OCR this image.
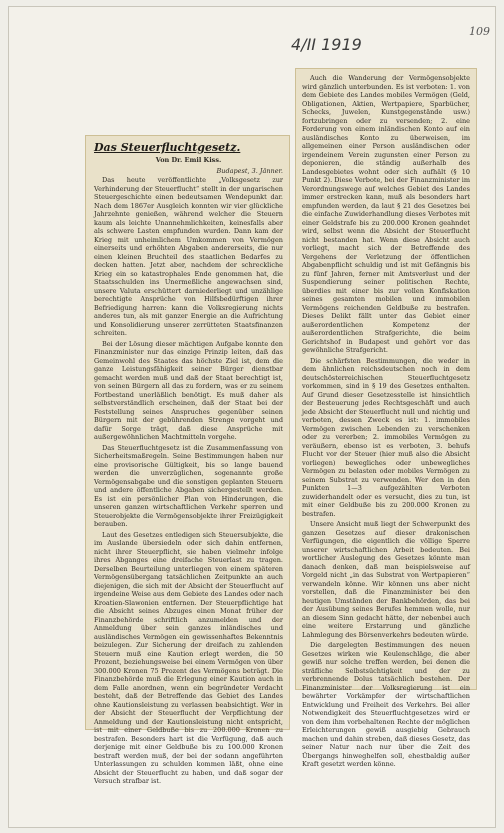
4/II 1919
109
Das Steuerfluchtgesetz.
Von Dr. Emil Kiss.
Budapest, 3. Jänner.

Das heute veröffentlichte „Volksgesetz zur Verhinderung der Steuerflucht“ stellt in der ungarischen Steuergeschichte einen bedeutsamen Wendepunkt dar. Nach dem 1867er Ausgleich konnten wir vier glückliche Jahrzehnte genießen, während welcher die Steuern kaum als leichte Unannehmlichkeiten, keinesfalls aber als schwere Lasten empfunden wurden. Dann kam der Krieg mit unheimlichem Umkommen von Vermögen einerseits und erhöhten Abgaben andererseits, die nur einen kleinen Bruchteil des staatlichen Bedarfes zu decken hatten. Jetzt aber, nachdem der schreckliche Krieg ein so katastrophales Ende genommen hat, die Staatsschulden ins Unermeßliche angewachsen sind, unsere Valuta erschüttert darniederliegt und unzählige berechtigte Ansprüche von Hilfsbedürftigen ihrer Befriedigung harren: kann die Volksregierung nichts anderes tun, als mit ganzer Energie an die Aufrichtung und Konsolidierung unserer zerrütteten Staatsfinanzen schreiten.

Bei der Lösung dieser mächtigen Aufgabe konnte den Finanzminister nur das einzige Prinzip leiten, daß das Gemeinwohl des Staates das höchste Ziel ist, dem die ganze Leistungsfähigkeit seiner Bürger dienstbar gemacht werden muß und daß der Staat berechtigt ist, von seinen Bürgern all das zu fordern, was er zu seinem Fortbestand unerläßlich benötigt. Es muß daher als selbstverständlich erscheinen, daß der Staat bei der Feststellung seines Anspruches gegenüber seinen Bürgern mit der gebührenden Strenge vorgeht und dafür Sorge trägt, daß diese Ansprüche mit außergewöhnlichen Machtmitteln vorgehe.

Das Steuerfluchtgesetz ist die Zusammenfassung von Sicherheitsmaßregeln. Seine Bestimmungen haben nur eine provisorische Gültigkeit, bis so lange bauend werden die unverzüglichen, sogenannte große Vermögensabgabe und die sonstigen geplanten Steuern und andere öffentliche Abgaben sichergestellt werden. Es ist ein persönlicher Plan von Hinderungen, die unseren ganzen wirtschaftlichen Verkehr sperren und Steuerobjekte die Vermögensobjekte ihrer Freizügigkeit berauben.

Laut des Gesetzes entledigen sich Steuersubjekte, die im Auslande übersiedeln oder sich dahin entfernen, nicht ihrer Steuerpflicht, sie haben vielmehr infolge ihres Abganges eine dreifache Steuerlast zu tragen. Derselben Beurteilung unterliegen von einem späteren Vermögensübergang tatsächlichen Zeitpunkte an auch diejenigen, die sich mit der Absicht der Steuerflucht auf irgendeine Weise aus dem Gebiete des Landes oder nach Kroatien-Slawonien entfernen. Der Steuerpflichtige hat die Absicht seines Abzuges einen Monat früher der Finanzbehörde schriftlich anzumelden und der Anmeldung über sein ganzes inländisches und ausländisches Vermögen ein gewissenhaftes Bekenntnis beizulegen. Zur Sicherung der dreifach zu zahlenden Steuern muß eine Kaution erlegt werden, die 50 Prozent, beziehungsweise bei einem Vermögen von über 300.000 Kronen 75 Prozent des Vermögens beträgt. Die Finanzbehörde muß die Erlegung einer Kaution auch in dem Falle anordnen, wenn ein begründeter Verdacht besteht, daß der Betreffende das Gebiet des Landes ohne Kautionsleistung zu verlassen beabsichtigt. Wer in der Absicht der Steuerflucht der Verpflichtung der Anmeldung und der Kautionsleistung nicht entspricht, ist mit einer Geldbuße bis zu 200.000 Kronen zu bestrafen. Besonders hart ist die Verfügung, daß auch derjenige mit einer Geldbuße bis zu 100.000 Kronen bestraft werden muß, der bei der sodann angeführten Unterlassungen zu schulden kommen läßt, ohne eine Absicht der Steuerflucht zu haben, und daß sogar der Versuch strafbar ist.

Auch die Wanderung der Vermögensobjekte wird gänzlich unterbunden. Es ist verboten: 1. von dem Gebiete des Landes mobiles Vermögen (Geld, Obligationen, Aktien, Wertpapiere, Sparbücher, Schecks, Juwelen, Kunstgegenstände usw.) fortzubringen oder zu versenden; 2. eine Forderung von einem inländischen Konto auf ein ausländisches Konto zu überweisen, im allgemeinen einer Person ausländischen oder irgendeinem Verein zugunsten einer Person zu deponieren, die ständig außerhalb des Landesgebietes wohnt oder sich aufhält (§ 10 Punkt 2). Diese Verbote, bei der Finanzminister im Verordnungswege auf welches Gebiet des Landes immer erstrecken kann, muß als besonders hart empfunden werden, da laut § 21 des Gesetzes bei die einfache Zuwiderhandlung dieses Verbotes mit einer Geldstrafe bis zu 200.000 Kronen geahndet wird, selbst wenn die Absicht der Steuerflucht nicht bestanden hat. Wenn diese Absicht auch vorliegt, macht sich der Betreffende des Vergehens der Verletzung der öffentlichen Abgabenpflicht schuldig und ist mit Gefängnis bis zu fünf Jahren, ferner mit Amtsverlust und der Suspendierung seiner politischen Rechte, überdies mit einer bis zur vollen Konfiskation seines gesamten mobilen und immobilen Vermögens reichenden Geldbuße zu bestrafen. Dieses Delikt fällt unter das Gebiet einer außerordentlichen Kompetenz der außerordentlichen Strafgerichte, die beim Gerichtshof in Budapest und gehört vor das gewöhnliche Strafgericht.

Die schärfsten Bestimmungen, die weder in dem ähnlichen reichsdeutschen noch in dem deutschösterreichischen Steuerfluchtgesetz vorkommen, sind in § 19 des Gesetzes enthalten. Auf Grund dieser Gesetzesstelle ist hinsichtlich der Besteuerung jedes Rechtsgeschäft und auch jede Absicht der Steuerflucht null und nichtig und verboten, dessen Zweck es ist: 1. immobiles Vermögen zwischen Lebenden zu verschenken oder zu vererben; 2. immobiles Vermögen zu veräußern, ebenso ist es verboten, 3. behufs Flucht vor der Steuer (hier muß also die Absicht vorliegen) bewegliches oder unbewegliches Vermögen zu belasten oder mobiles Vermögen zu seinem Substrat zu verwenden. Wer den in den Punkten 1—3 aufgezählten Verboten zuwiderhandelt oder es versucht, dies zu tun, ist mit einer Geldbuße bis zu 200.000 Kronen zu bestrafen.

Unsere Ansicht muß liegt der Schwerpunkt des ganzen Gesetzes auf dieser drakonischen Verfügungen, die eigentlich die völlige Sperre unserer wirtschaftlichen Arbeit bedeuten. Bei wortlicher Auslegung des Gesetzes könnte man danach denken, daß man beispielsweise auf Vorgeld nicht „in das Substrat von Wertpapieren“ verwandeln könne. Wir können uns aber nicht vorstellen, daß die Finanzminister bei den heutigen Umständen der Bankbehörden, das bei der Ausübung seines Berufes hemmen wolle, nur an diesem Sinn gedacht hätte, der nebenbei auch eine weitere Erstarrung und gänzliche Lahmlegung des Börsenverkehrs bedeuten würde.

Die dargelegten Bestimmungen des neuen Gesetzes wirken wie Keulenschläge, die aber gewiß nur solche treffen werden, bei denen die sträfliche Selbstsüchtigkeit und der zu verbrennende Dolus tatsächlich bestehen. Der Finanzminister der Volksregierung ist ein bewährter Vorkämpfer der wirtschaftlichen Entwicklung und Freiheit des Verkehrs. Bei aller Notwendigkeit des Steuerfluchtgesetzes wird er von dem ihm vorbehaltenen Rechte der möglichen Erleichterungen gewiß ausgiebig Gebrauch machen und dahin streben, daß dieses Gesetz, das seiner Natur nach nur über die Zeit des Übergangs hinweghelfen soll, ehestbaldig außer Kraft gesetzt werden könne.
